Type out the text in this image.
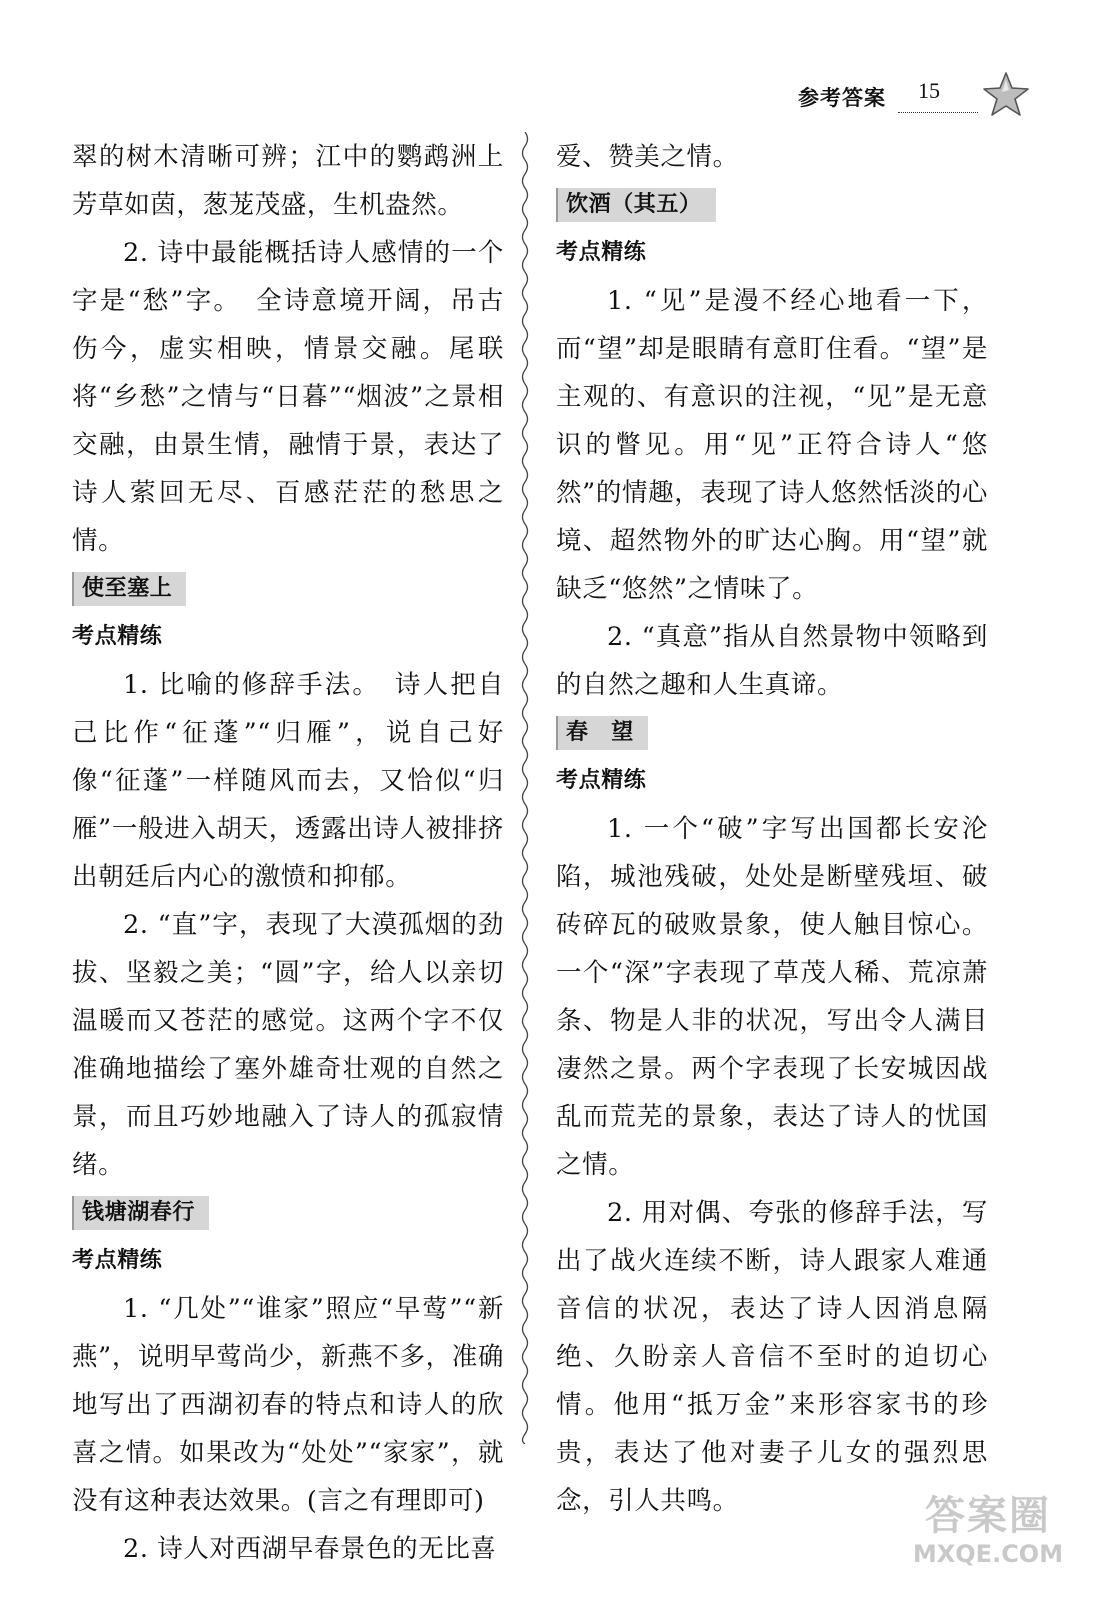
参考答案 15

翠的树木清晰可辨；江中的鹦鹉洲上芳草如茵，葱茏茂盛，生机盎然。

2. 诗中最能概括诗人感情的一个字是“愁”字。　全诗意境开阔，吊古伤今，虚实相映，情景交融。尾联将“乡愁”之情与“日暮”“烟波”之景相交融，由景生情，融情于景，表达了诗人萦回无尽、百感茫茫的愁思之情。

使至塞上
考点精练

1. 比喻的修辞手法。　诗人把自己比作“征蓬”“归雁”，说自己好像“征蓬”一样随风而去，又恰似“归雁”一般进入胡天，透露出诗人被排挤出朝廷后内心的激愤和抑郁。

2. “直”字，表现了大漠孤烟的劲拔、坚毅之美；“圆”字，给人以亲切温暖而又苍茫的感觉。这两个字不仅准确地描绘了塞外雄奇壮观的自然之景，而且巧妙地融入了诗人的孤寂情绪。

钱塘湖春行
考点精练

1. “几处”“谁家”照应“早莺”“新燕”，说明早莺尚少，新燕不多，准确地写出了西湖初春的特点和诗人的欣喜之情。如果改为“处处”“家家”，就没有这种表达效果。(言之有理即可)

2. 诗人对西湖早春景色的无比喜

爱、赞美之情。

饮酒（其五）
考点精练

1. “见”是漫不经心地看一下，而“望”却是眼睛有意盯住看。“望”是主观的、有意识的注视，“见”是无意识的瞥见。用“见”正符合诗人“悠然”的情趣，表现了诗人悠然恬淡的心境、超然物外的旷达心胸。用“望”就缺乏“悠然”之情味了。

2. “真意”指从自然景物中领略到的自然之趣和人生真谛。

春　望
考点精练

1. 一个“破”字写出国都长安沦陷，城池残破，处处是断壁残垣、破砖碎瓦的破败景象，使人触目惊心。一个“深”字表现了草茂人稀、荒凉萧条、物是人非的状况，写出令人满目凄然之景。两个字表现了长安城因战乱而荒芜的景象，表达了诗人的忧国之情。

2. 用对偶、夸张的修辞手法，写出了战火连续不断，诗人跟家人难通音信的状况，表达了诗人因消息隔绝、久盼亲人音信不至时的迫切心情。他用“抵万金”来形容家书的珍贵，表达了他对妻子儿女的强烈思念，引人共鸣。	答案圈
MXQE.COM
